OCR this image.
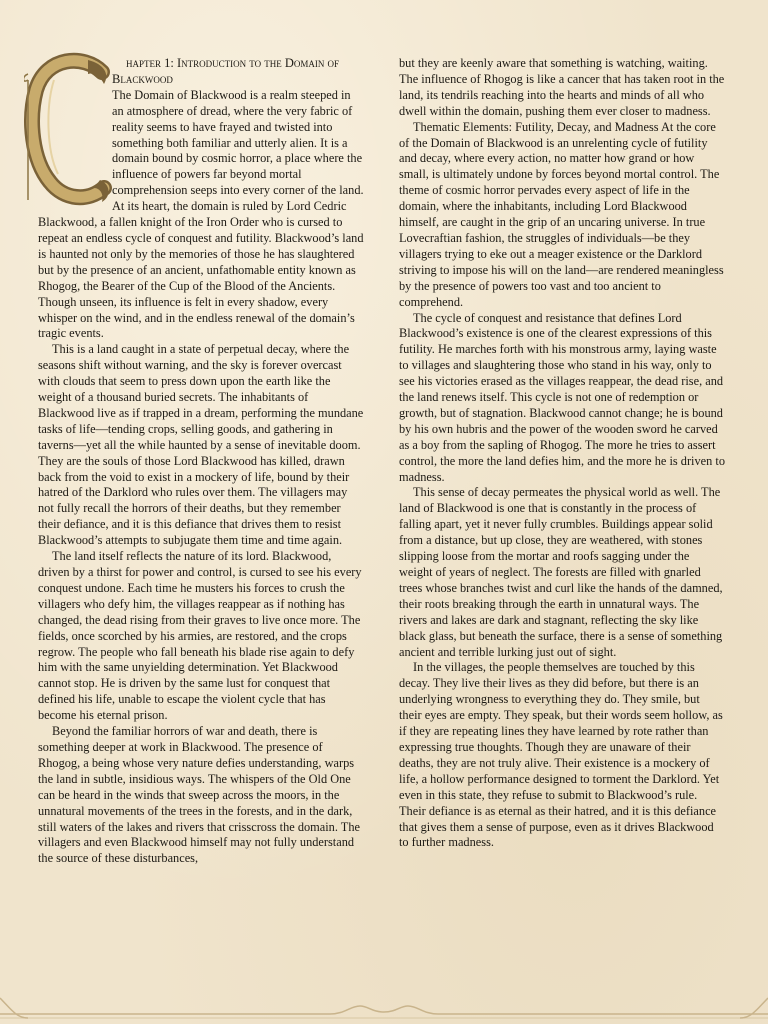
hapter 1: Introduction to the Domain of Blackwood

The Domain of Blackwood is a realm steeped in an atmosphere of dread, where the very fabric of reality seems to have frayed and twisted into something both familiar and utterly alien. It is a domain bound by cosmic horror, a place where the influence of powers far beyond mortal comprehension seeps into every corner of the land. At its heart, the domain is ruled by Lord Cedric Blackwood, a fallen knight of the Iron Order who is cursed to repeat an endless cycle of conquest and futility. Blackwood’s land is haunted not only by the memories of those he has slaughtered but by the presence of an ancient, unfathomable entity known as Rhogog, the Bearer of the Cup of the Blood of the Ancients. Though unseen, its influence is felt in every shadow, every whisper on the wind, and in the endless renewal of the domain’s tragic events.

This is a land caught in a state of perpetual decay, where the seasons shift without warning, and the sky is forever overcast with clouds that seem to press down upon the earth like the weight of a thousand buried secrets. The inhabitants of Blackwood live as if trapped in a dream, performing the mundane tasks of life—tending crops, selling goods, and gathering in taverns—yet all the while haunted by a sense of inevitable doom. They are the souls of those Lord Blackwood has killed, drawn back from the void to exist in a mockery of life, bound by their hatred of the Darklord who rules over them. The villagers may not fully recall the horrors of their deaths, but they remember their defiance, and it is this defiance that drives them to resist Blackwood’s attempts to subjugate them time and time again.

The land itself reflects the nature of its lord. Blackwood, driven by a thirst for power and control, is cursed to see his every conquest undone. Each time he musters his forces to crush the villagers who defy him, the villages reappear as if nothing has changed, the dead rising from their graves to live once more. The fields, once scorched by his armies, are restored, and the crops regrow. The people who fall beneath his blade rise again to defy him with the same unyielding determination. Yet Blackwood cannot stop. He is driven by the same lust for conquest that defined his life, unable to escape the violent cycle that has become his eternal prison.

Beyond the familiar horrors of war and death, there is something deeper at work in Blackwood. The presence of Rhogog, a being whose very nature defies understanding, warps the land in subtle, insidious ways. The whispers of the Old One can be heard in the winds that sweep across the moors, in the unnatural movements of the trees in the forests, and in the dark, still waters of the lakes and rivers that crisscross the domain. The villagers and even Blackwood himself may not fully understand the source of these disturbances,

but they are keenly aware that something is watching, waiting. The influence of Rhogog is like a cancer that has taken root in the land, its tendrils reaching into the hearts and minds of all who dwell within the domain, pushing them ever closer to madness.

Thematic Elements: Futility, Decay, and Madness At the core of the Domain of Blackwood is an unrelenting cycle of futility and decay, where every action, no matter how grand or how small, is ultimately undone by forces beyond mortal control. The theme of cosmic horror pervades every aspect of life in the domain, where the inhabitants, including Lord Blackwood himself, are caught in the grip of an uncaring universe. In true Lovecraftian fashion, the struggles of individuals—be they villagers trying to eke out a meager existence or the Darklord striving to impose his will on the land—are rendered meaningless by the presence of powers too vast and too ancient to comprehend.

The cycle of conquest and resistance that defines Lord Blackwood’s existence is one of the clearest expressions of this futility. He marches forth with his monstrous army, laying waste to villages and slaughtering those who stand in his way, only to see his victories erased as the villages reappear, the dead rise, and the land renews itself. This cycle is not one of redemption or growth, but of stagnation. Blackwood cannot change; he is bound by his own hubris and the power of the wooden sword he carved as a boy from the sapling of Rhogog. The more he tries to assert control, the more the land defies him, and the more he is driven to madness.

This sense of decay permeates the physical world as well. The land of Blackwood is one that is constantly in the process of falling apart, yet it never fully crumbles. Buildings appear solid from a distance, but up close, they are weathered, with stones slipping loose from the mortar and roofs sagging under the weight of years of neglect. The forests are filled with gnarled trees whose branches twist and curl like the hands of the damned, their roots breaking through the earth in unnatural ways. The rivers and lakes are dark and stagnant, reflecting the sky like black glass, but beneath the surface, there is a sense of something ancient and terrible lurking just out of sight.

In the villages, the people themselves are touched by this decay. They live their lives as they did before, but there is an underlying wrongness to everything they do. They smile, but their eyes are empty. They speak, but their words seem hollow, as if they are repeating lines they have learned by rote rather than expressing true thoughts. Though they are unaware of their deaths, they are not truly alive. Their existence is a mockery of life, a hollow performance designed to torment the Darklord. Yet even in this state, they refuse to submit to Blackwood’s rule. Their defiance is as eternal as their hatred, and it is this defiance that gives them a sense of purpose, even as it drives Blackwood to further madness.
